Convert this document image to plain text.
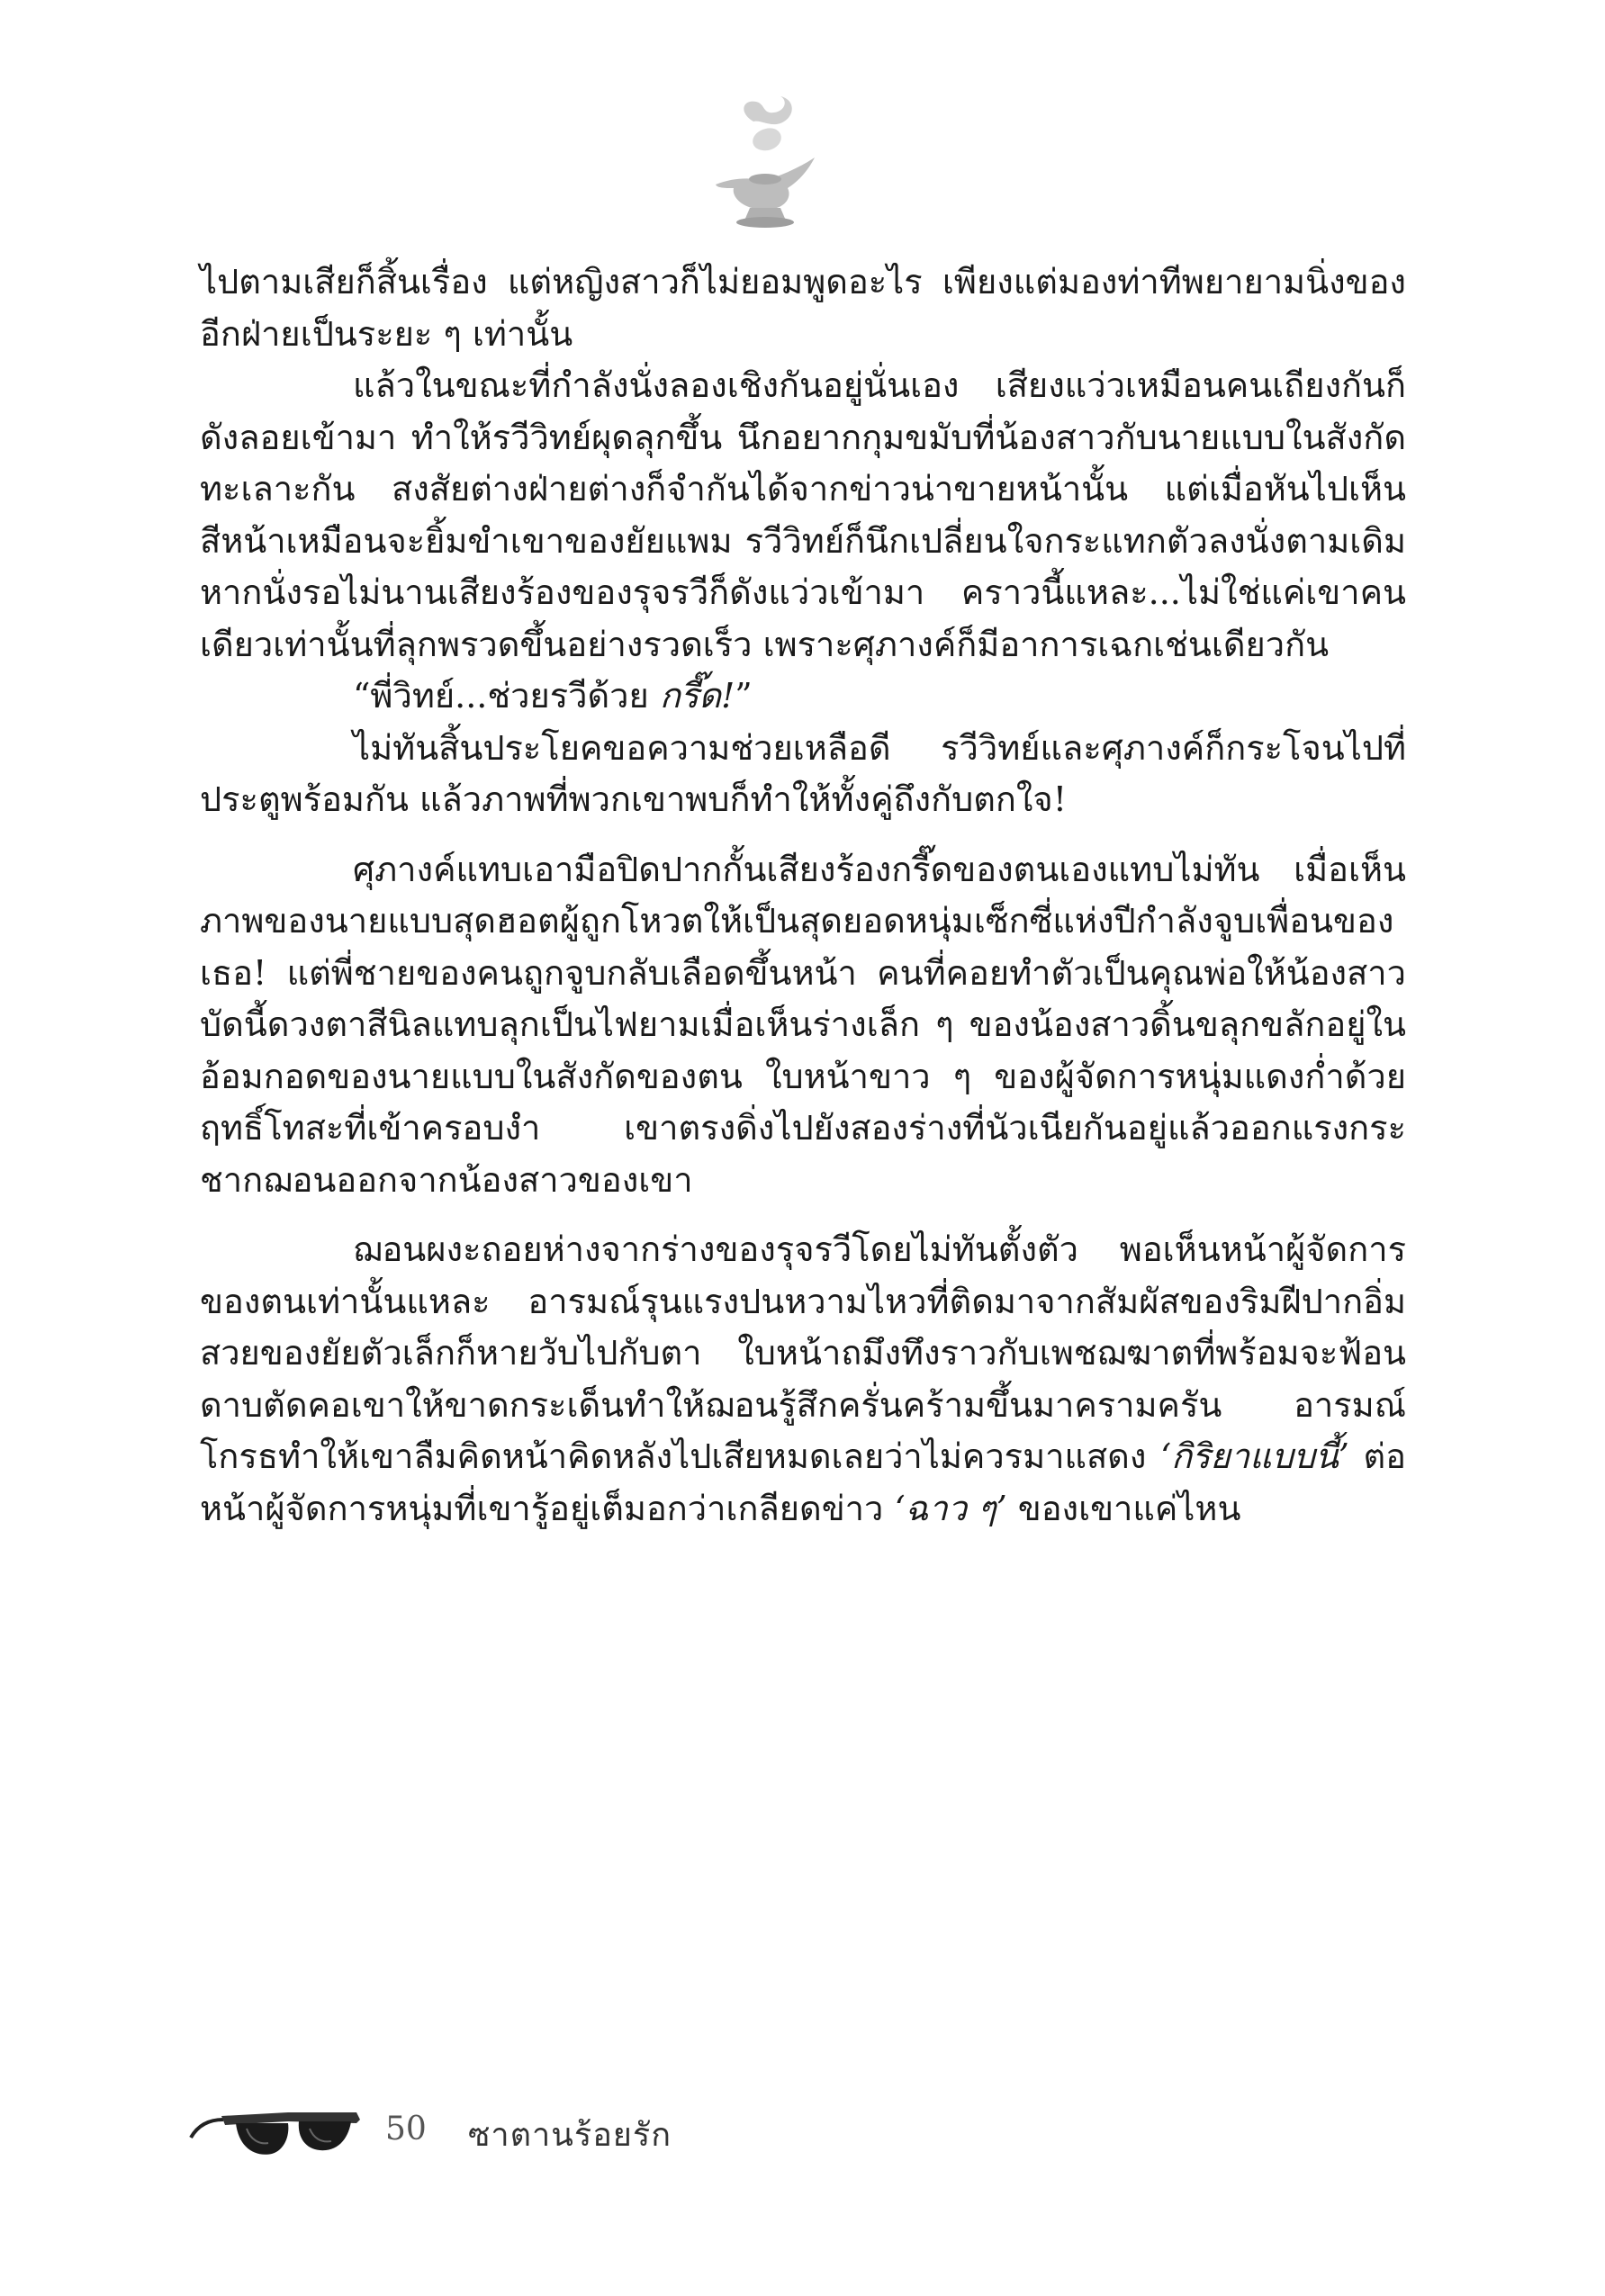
ไปตามเสียก็สิ้นเรื่อง แต่หญิงสาวก็ไม่ยอมพูดอะไร เพียงแต่มองท่าทีพยายามนิ่งของอีกฝ่ายเป็นระยะ ๆ เท่านั้น

แล้วในขณะที่กำลังนั่งลองเชิงกันอยู่นั่นเอง เสียงแว่วเหมือนคนเถียงกันก็ดังลอยเข้ามา ทำให้รวีวิทย์ผุดลุกขึ้น นึกอยากกุมขมับที่น้องสาวกับนายแบบในสังกัดทะเลาะกัน สงสัยต่างฝ่ายต่างก็จำกันได้จากข่าวน่าขายหน้านั้น แต่เมื่อหันไปเห็นสีหน้าเหมือนจะยิ้มขำเขาของยัยแพม รวีวิทย์ก็นึกเปลี่ยนใจกระแทกตัวลงนั่งตามเดิม หากนั่งรอไม่นานเสียงร้องของรุจรวีก็ดังแว่วเข้ามา คราวนี้แหละ...ไม่ใช่แค่เขาคนเดียวเท่านั้นที่ลุกพรวดขึ้นอย่างรวดเร็ว เพราะศุภางค์ก็มีอาการเฉกเช่นเดียวกัน

“พี่วิทย์...ช่วยรวีด้วย กรี๊ด!”

ไม่ทันสิ้นประโยคขอความช่วยเหลือดี รวีวิทย์และศุภางค์ก็กระโจนไปที่ประตูพร้อมกัน แล้วภาพที่พวกเขาพบก็ทำให้ทั้งคู่ถึงกับตกใจ!

ศุภางค์แทบเอามือปิดปากกั้นเสียงร้องกรี๊ดของตนเองแทบไม่ทัน เมื่อเห็นภาพของนายแบบสุดฮอตผู้ถูกโหวตให้เป็นสุดยอดหนุ่มเซ็กซี่แห่งปีกำลังจูบเพื่อนของเธอ! แต่พี่ชายของคนถูกจูบกลับเลือดขึ้นหน้า คนที่คอยทำตัวเป็นคุณพ่อให้น้องสาวบัดนี้ดวงตาสีนิลแทบลุกเป็นไฟยามเมื่อเห็นร่างเล็ก ๆ ของน้องสาวดิ้นขลุกขลักอยู่ในอ้อมกอดของนายแบบในสังกัดของตน ใบหน้าขาว ๆ ของผู้จัดการหนุ่มแดงก่ำด้วยฤทธิ์โทสะที่เข้าครอบงำ เขาตรงดิ่งไปยังสองร่างที่นัวเนียกันอยู่แล้วออกแรงกระชากฌอนออกจากน้องสาวของเขา

ฌอนผงะถอยห่างจากร่างของรุจรวีโดยไม่ทันตั้งตัว พอเห็นหน้าผู้จัดการของตนเท่านั้นแหละ อารมณ์รุนแรงปนหวามไหวที่ติดมาจากสัมผัสของริมฝีปากอิ่มสวยของยัยตัวเล็กก็หายวับไปกับตา ใบหน้าถมึงทึงราวกับเพชฌฆาตที่พร้อมจะฟ้อนดาบตัดคอเขาให้ขาดกระเด็นทำให้ฌอนรู้สึกครั่นคร้ามขึ้นมาครามครัน อารมณ์โกรธทำให้เขาลืมคิดหน้าคิดหลังไปเสียหมดเลยว่าไม่ควรมาแสดง ‘กิริยาแบบนี้’ ต่อหน้าผู้จัดการหนุ่มที่เขารู้อยู่เต็มอกว่าเกลียดข่าว ‘ฉาว ๆ’ ของเขาแค่ไหน

50 ซาตานร้อยรัก
